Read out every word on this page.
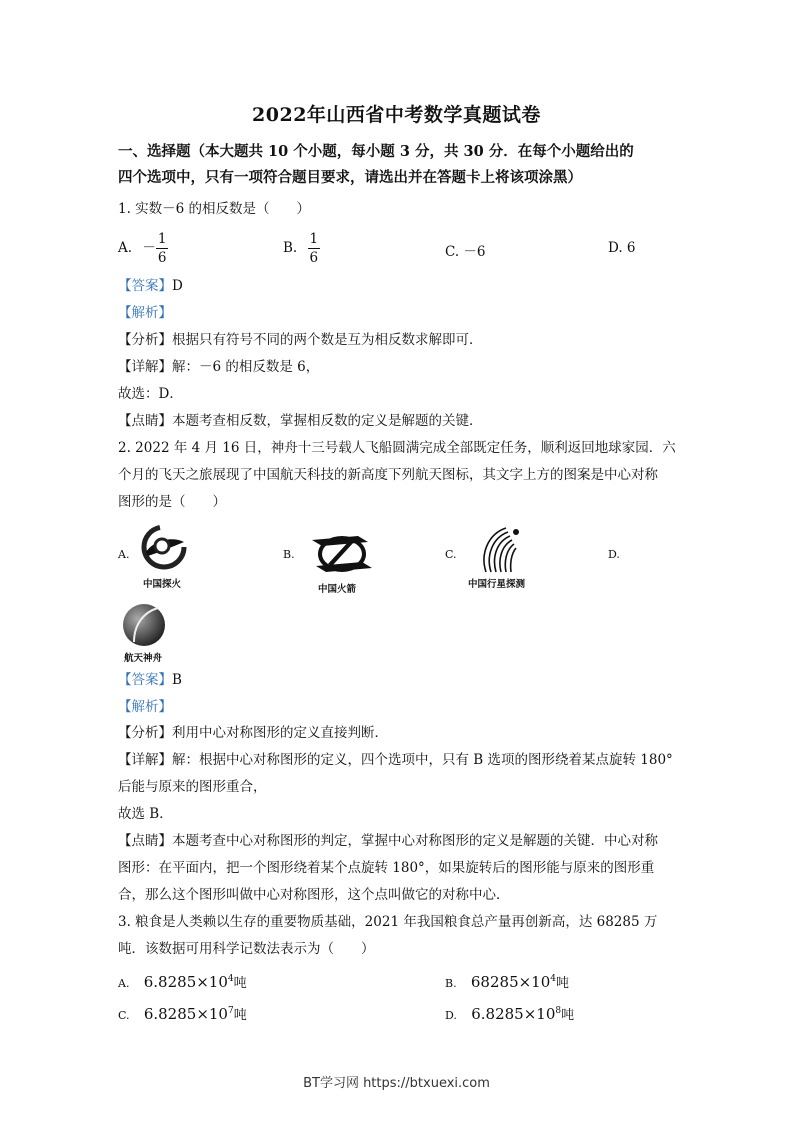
2022年山西省中考数学真题试卷
一、选择题（本大题共 10 个小题，每小题 3 分，共 30 分．在每个小题给出的
四个选项中，只有一项符合题目要求，请选出并在答题卡上将该项涂黑）
1. 实数－6 的相反数是（　　）
A. － $\frac{1}{6}$	B. $\frac{1}{6}$	C. －6	D. 6
【答案】D
【解析】
【分析】根据只有符号不同的两个数是互为相反数求解即可．
【详解】解：－6 的相反数是 6，
故选：D．
【点睛】本题考查相反数，掌握相反数的定义是解题的关键．
2. 2022 年 4 月 16 日，神舟十三号载人飞船圆满完成全部既定任务，顺利返回地球家园．六
个月的飞天之旅展现了中国航天科技的新高度下列航天图标，其文字上方的图案是中心对称
图形的是（　　）
A.	B.	C.	D.
中国探火	中国火箭	中国行星探测
航天神舟
【答案】B
【解析】
【分析】利用中心对称图形的定义直接判断．
【详解】解：根据中心对称图形的定义，四个选项中，只有 B 选项的图形绕着某点旋转 180°
后能与原来的图形重合，
故选 B．
【点睛】本题考查中心对称图形的判定，掌握中心对称图形的定义是解题的关键．中心对称
图形：在平面内，把一个图形绕着某个点旋转 180°，如果旋转后的图形能与原来的图形重
合，那么这个图形叫做中心对称图形，这个点叫做它的对称中心．
3. 粮食是人类赖以生存的重要物质基础，2021 年我国粮食总产量再创新高，达 68285 万
吨．该数据可用科学记数法表示为（　　）
A. $6.8285\times 10^4$吨	B. $68285\times 10^4$吨
C. $6.8285\times 10^7$吨	D. $6.8285\times 10^8$吨
BT学习网 https://btxuexi.com
